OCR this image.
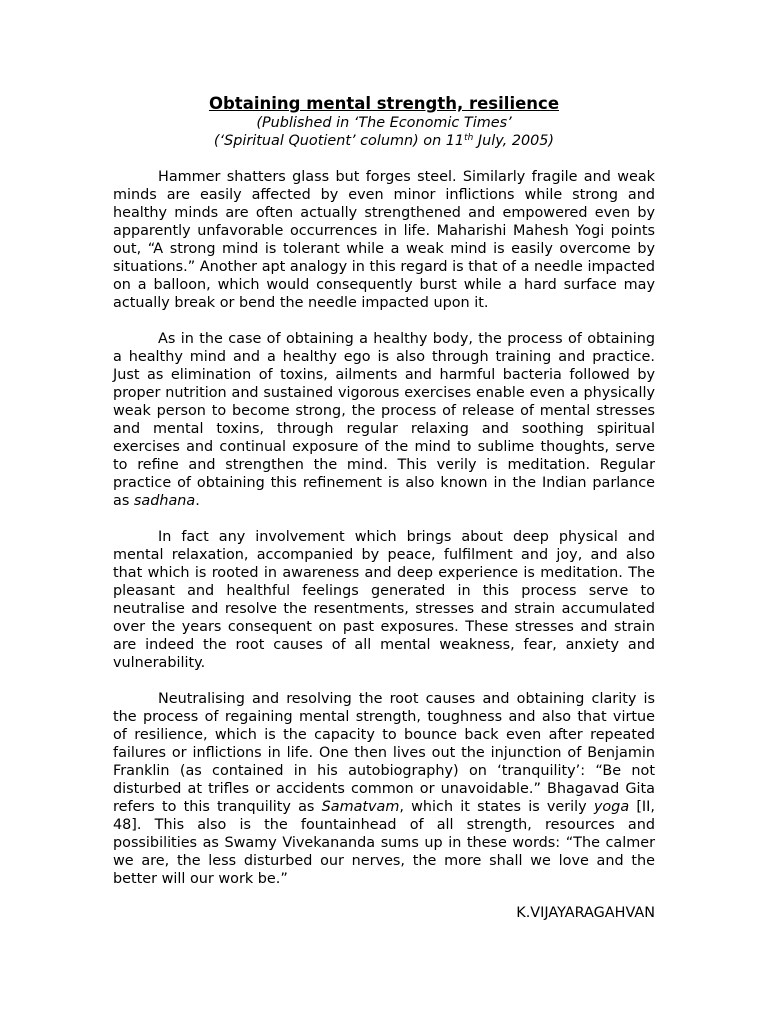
Obtaining mental strength, resilience

(Published in ‘The Economic Times’

(‘Spiritual Quotient’ column) on 11th July, 2005)

Hammer shatters glass but forges steel. Similarly fragile and weak minds are easily affected by even minor inflictions while strong and healthy minds are often actually strengthened and empowered even by apparently unfavorable occurrences in life. Maharishi Mahesh Yogi points out, “A strong mind is tolerant while a weak mind is easily overcome by situations.” Another apt analogy in this regard is that of a needle impacted on a balloon, which would consequently burst while a hard surface may actually break or bend the needle impacted upon it.

As in the case of obtaining a healthy body, the process of obtaining a healthy mind and a healthy ego is also through training and practice. Just as elimination of toxins, ailments and harmful bacteria followed by proper nutrition and sustained vigorous exercises enable even a physically weak person to become strong, the process of release of mental stresses and mental toxins, through regular relaxing and soothing spiritual exercises and continual exposure of the mind to sublime thoughts, serve to refine and strengthen the mind. This verily is meditation. Regular practice of obtaining this refinement is also known in the Indian parlance as sadhana.

In fact any involvement which brings about deep physical and mental relaxation, accompanied by peace, fulfilment and joy, and also that which is rooted in awareness and deep experience is meditation. The pleasant and healthful feelings generated in this process serve to neutralise and resolve the resentments, stresses and strain accumulated over the years consequent on past exposures. These stresses and strain are indeed the root causes of all mental weakness, fear, anxiety and vulnerability.

Neutralising and resolving the root causes and obtaining clarity is the process of regaining mental strength, toughness and also that virtue of resilience, which is the capacity to bounce back even after repeated failures or inflictions in life. One then lives out the injunction of Benjamin Franklin (as contained in his autobiography) on ‘tranquility’: “Be not disturbed at trifles or accidents common or unavoidable.” Bhagavad Gita refers to this tranquility as Samatvam, which it states is verily yoga [II, 48]. This also is the fountainhead of all strength, resources and possibilities as Swamy Vivekananda sums up in these words: “The calmer we are, the less disturbed our nerves, the more shall we love and the better will our work be.”

K.VIJAYARAGAHVAN
